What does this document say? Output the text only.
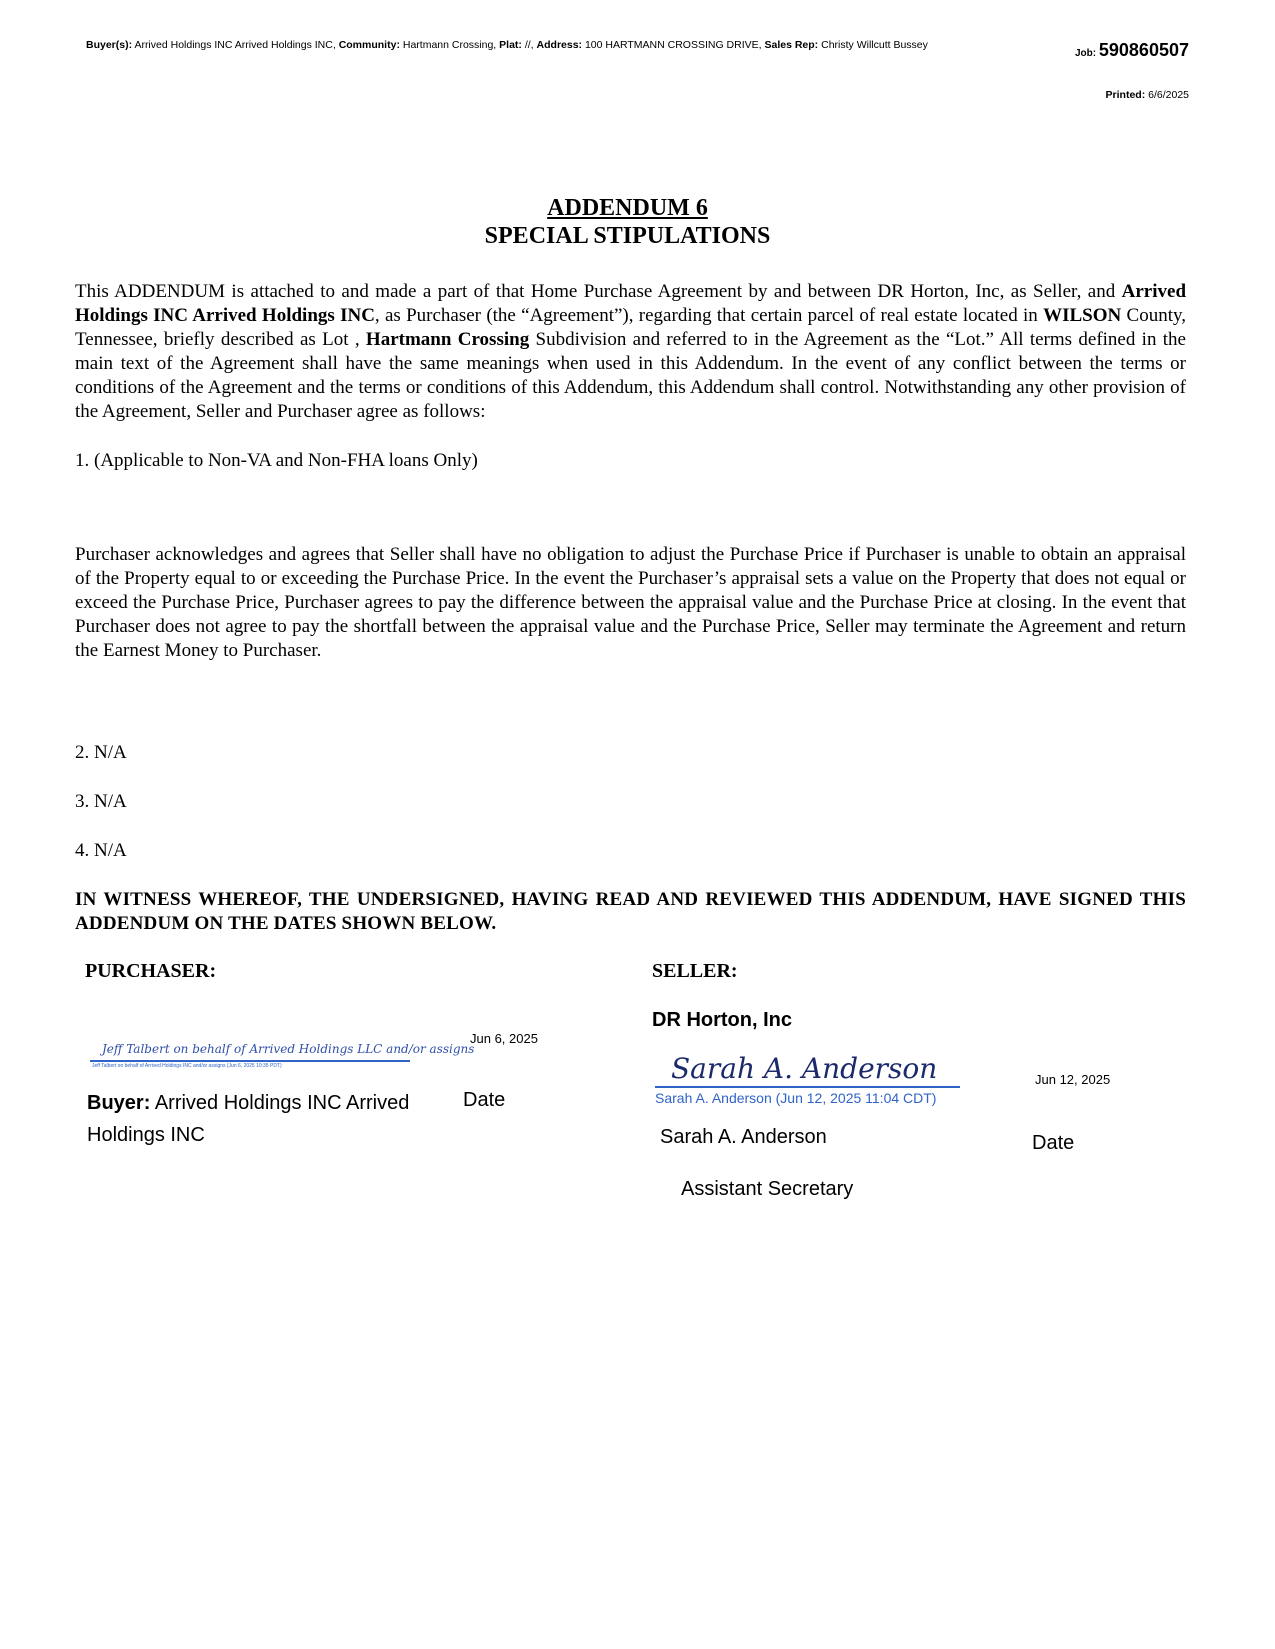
Buyer(s): Arrived Holdings INC Arrived Holdings INC, Community: Hartmann Crossing, Plat: //, Address: 100 HARTMANN CROSSING DRIVE, Sales Rep: Christy Willcutt Bussey
Job: 590860507
Printed: 6/6/2025
ADDENDUM 6
SPECIAL STIPULATIONS
This ADDENDUM is attached to and made a part of that Home Purchase Agreement by and between DR Horton, Inc, as Seller, and Arrived Holdings INC Arrived Holdings INC, as Purchaser (the “Agreement”), regarding that certain parcel of real estate located in WILSON County, Tennessee, briefly described as Lot , Hartmann Crossing Subdivision and referred to in the Agreement as the “Lot.” All terms defined in the main text of the Agreement shall have the same meanings when used in this Addendum. In the event of any conflict between the terms or conditions of the Agreement and the terms or conditions of this Addendum, this Addendum shall control. Notwithstanding any other provision of the Agreement, Seller and Purchaser agree as follows:
1. (Applicable to Non-VA and Non-FHA loans Only)
Purchaser acknowledges and agrees that Seller shall have no obligation to adjust the Purchase Price if Purchaser is unable to obtain an appraisal of the Property equal to or exceeding the Purchase Price. In the event the Purchaser’s appraisal sets a value on the Property that does not equal or exceed the Purchase Price, Purchaser agrees to pay the difference between the appraisal value and the Purchase Price at closing. In the event that Purchaser does not agree to pay the shortfall between the appraisal value and the Purchase Price, Seller may terminate the Agreement and return the Earnest Money to Purchaser.
2. N/A
3. N/A
4. N/A
IN WITNESS WHEREOF, THE UNDERSIGNED, HAVING READ AND REVIEWED THIS ADDENDUM, HAVE SIGNED THIS ADDENDUM ON THE DATES SHOWN BELOW.
PURCHASER:
Jun 6, 2025
Jeff Talbert on behalf of Arrived Holdings LLC and/or assigns
Jeff Talbert on behalf of Arrived Holdings INC and/or assigns (Jun 6, 2025 10:35 PDT)
Buyer: Arrived Holdings INC Arrived Holdings INC
Date
SELLER:
DR Horton, Inc
Sarah A. Anderson
Sarah A. Anderson (Jun 12, 2025 11:04 CDT)
Jun 12, 2025
Sarah A. Anderson	Date
Assistant Secretary
